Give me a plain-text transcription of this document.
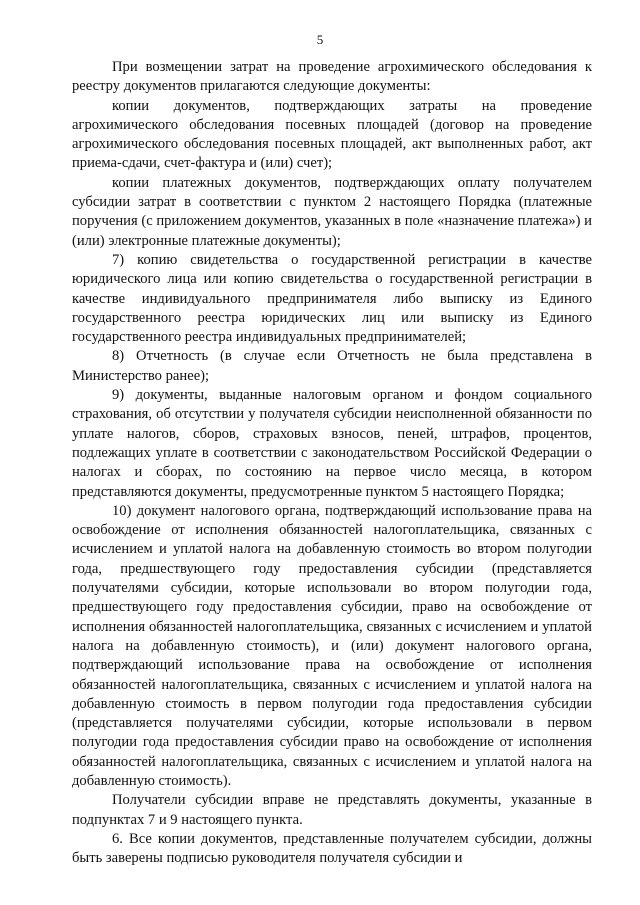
5

При возмещении затрат на проведение агрохимического обследования к реестру документов прилагаются следующие документы:

копии документов, подтверждающих затраты на проведение агрохимического обследования посевных площадей (договор на проведение агрохимического обследования посевных площадей, акт выполненных работ, акт приема-сдачи, счет-фактура и (или) счет);

копии платежных документов, подтверждающих оплату получателем субсидии затрат в соответствии с пунктом 2 настоящего Порядка (платежные поручения (с приложением документов, указанных в поле «назначение платежа») и (или) электронные платежные документы);

7) копию свидетельства о государственной регистрации в качестве юридического лица или копию свидетельства о государственной регистрации в качестве индивидуального предпринимателя либо выписку из Единого государственного реестра юридических лиц или выписку из Единого государственного реестра индивидуальных предпринимателей;

8) Отчетность (в случае если Отчетность не была представлена в Министерство ранее);

9) документы, выданные налоговым органом и фондом социального страхования, об отсутствии у получателя субсидии неисполненной обязанности по уплате налогов, сборов, страховых взносов, пеней, штрафов, процентов, подлежащих уплате в соответствии с законодательством Российской Федерации о налогах и сборах, по состоянию на первое число месяца, в котором представляются документы, предусмотренные пунктом 5 настоящего Порядка;

10) документ налогового органа, подтверждающий использование права на освобождение от исполнения обязанностей налогоплательщика, связанных с исчислением и уплатой налога на добавленную стоимость во втором полугодии года, предшествующего году предоставления субсидии (представляется получателями субсидии, которые использовали во втором полугодии года, предшествующего году предоставления субсидии, право на освобождение от исполнения обязанностей налогоплательщика, связанных с исчислением и уплатой налога на добавленную стоимость), и (или) документ налогового органа, подтверждающий использование права на освобождение от исполнения обязанностей налогоплательщика, связанных с исчислением и уплатой налога на добавленную стоимость в первом полугодии года предоставления субсидии (представляется получателями субсидии, которые использовали в первом полугодии года предоставления субсидии право на освобождение от исполнения обязанностей налогоплательщика, связанных с исчислением и уплатой налога на добавленную стоимость).

Получатели субсидии вправе не представлять документы, указанные в подпунктах 7 и 9 настоящего пункта.

6. Все копии документов, представленные получателем субсидии, должны быть заверены подписью руководителя получателя субсидии и
